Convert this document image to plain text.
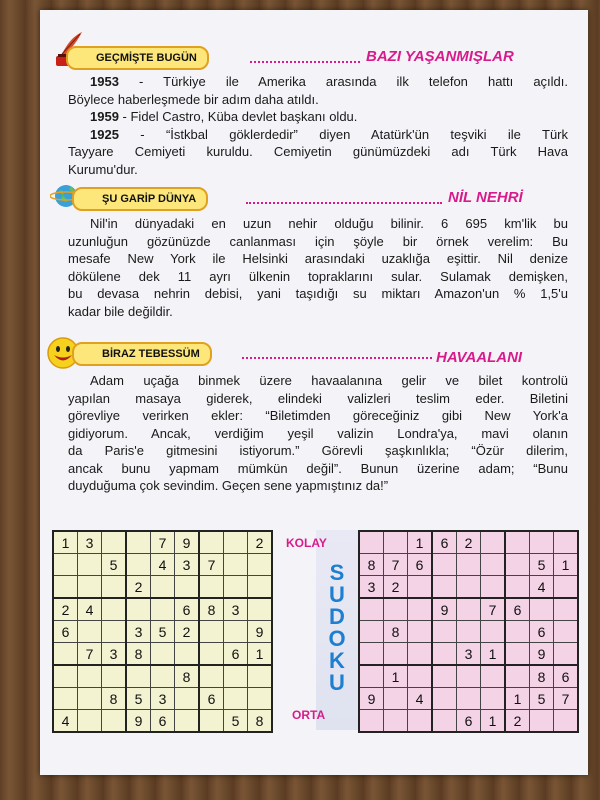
GEÇMİŞTE BUGÜN	BAZI YAŞANMIŞLAR

1953 - Türkiye ile Amerika arasında ilk telefon hattı açıldı.

Böylece haberleşmede bir adım daha atıldı.

1959 - Fidel Castro, Küba devlet başkanı oldu.

1925 - “İstkbal göklerdedir” diyen Atatürk'ün teşviki ile Türk

Tayyare Cemiyeti kuruldu. Cemiyetin günümüzdeki adı Türk Hava

Kurumu'dur.

ŞU GARİP DÜNYA	NİL NEHRİ

Nil'in dünyadaki en uzun nehir olduğu bilinir. 6 695 km'lik bu

uzunluğun gözünüzde canlanması için şöyle bir örnek verelim: Bu

mesafe New York ile Helsinki arasındaki uzaklığa eşittir. Nil denize

dökülene dek 11 ayrı ülkenin topraklarını sular. Sulamak demişken,

bu devasa nehrin debisi, yani taşıdığı su miktarı Amazon'un % 1,5'u

kadar bile değildir.

BİRAZ TEBESSÜM	HAVAALANI

Adam uçağa binmek üzere havaalanına gelir ve bilet kontrolü

yapılan masaya giderek, elindeki valizleri teslim eder. Biletini

görevliye verirken ekler: “Biletimden göreceğiniz gibi New York'a

gidiyorum. Ancak, verdiğim yeşil valizin Londra'ya, mavi olanın

da Paris'e gitmesini istiyorum.” Görevli şaşkınlıkla; “Özür dilerim,

ancak bunu yapmam mümkün değil”. Bunun üzerine adam; “Bunu

duyduğuma çok sevindim. Geçen sene yapmıştınız da!”

1	3			7	9			2
		5		4	3	7		
			2					
2	4				6	8	3	
6			3	5	2			9
	7	3	8				6	1
					8			
		8	5	3		6		
4			9	6			5	8
		1	6	2				
8	7	6					5	1
3	2						4	
			9		7	6		
	8						6	
				3	1		9	
	1						8	6
9		4				1	5	7
				6	1	2		
KOLAY
S
U
D
O
K
U
ORTA
